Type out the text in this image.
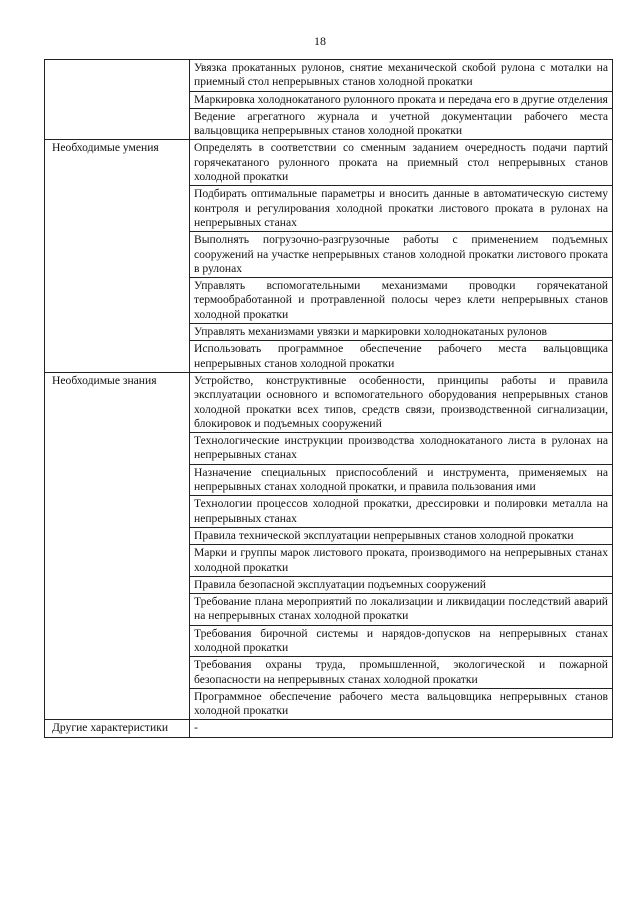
18
	Увязка прокатанных рулонов, снятие механической скобой рулона с моталки на приемный стол непрерывных станов холодной прокатки
	Маркировка холоднокатаного рулонного проката и передача его в другие отделения
	Ведение агрегатного журнала и учетной документации рабочего места вальцовщика непрерывных станов холодной прокатки
Необходимые умения	Определять в соответствии со сменным заданием очередность подачи партий горячекатаного рулонного проката на приемный стол непрерывных станов холодной прокатки
	Подбирать оптимальные параметры и вносить данные в автоматическую систему контроля и регулирования холодной прокатки листового проката в рулонах на непрерывных станах
	Выполнять погрузочно-разгрузочные работы с применением подъемных сооружений на участке непрерывных станов холодной прокатки листового проката в рулонах
	Управлять вспомогательными механизмами проводки горячекатаной термообработанной и протравленной полосы через клети непрерывных станов холодной прокатки
	Управлять механизмами увязки и маркировки холоднокатаных рулонов
	Использовать программное обеспечение рабочего места вальцовщика непрерывных станов холодной прокатки
Необходимые знания	Устройство, конструктивные особенности, принципы работы и правила эксплуатации основного и вспомогательного оборудования непрерывных станов холодной прокатки всех типов, средств связи, производственной сигнализации, блокировок и подъемных сооружений
	Технологические инструкции производства холоднокатаного листа в рулонах на непрерывных станах
	Назначение специальных приспособлений и инструмента, применяемых на непрерывных станах холодной прокатки, и правила пользования ими
	Технологии процессов холодной прокатки, дрессировки и полировки металла на непрерывных станах
	Правила технической эксплуатации непрерывных станов холодной прокатки
	Марки и группы марок листового проката, производимого на непрерывных станах холодной прокатки
	Правила безопасной эксплуатации подъемных сооружений
	Требование плана мероприятий по локализации и ликвидации последствий аварий на непрерывных станах холодной прокатки
	Требования бирочной системы и нарядов-допусков на непрерывных станах холодной прокатки
	Требования охраны труда, промышленной, экологической и пожарной безопасности на непрерывных станах холодной прокатки
	Программное обеспечение рабочего места вальцовщика непрерывных станов холодной прокатки
Другие характеристики	-
